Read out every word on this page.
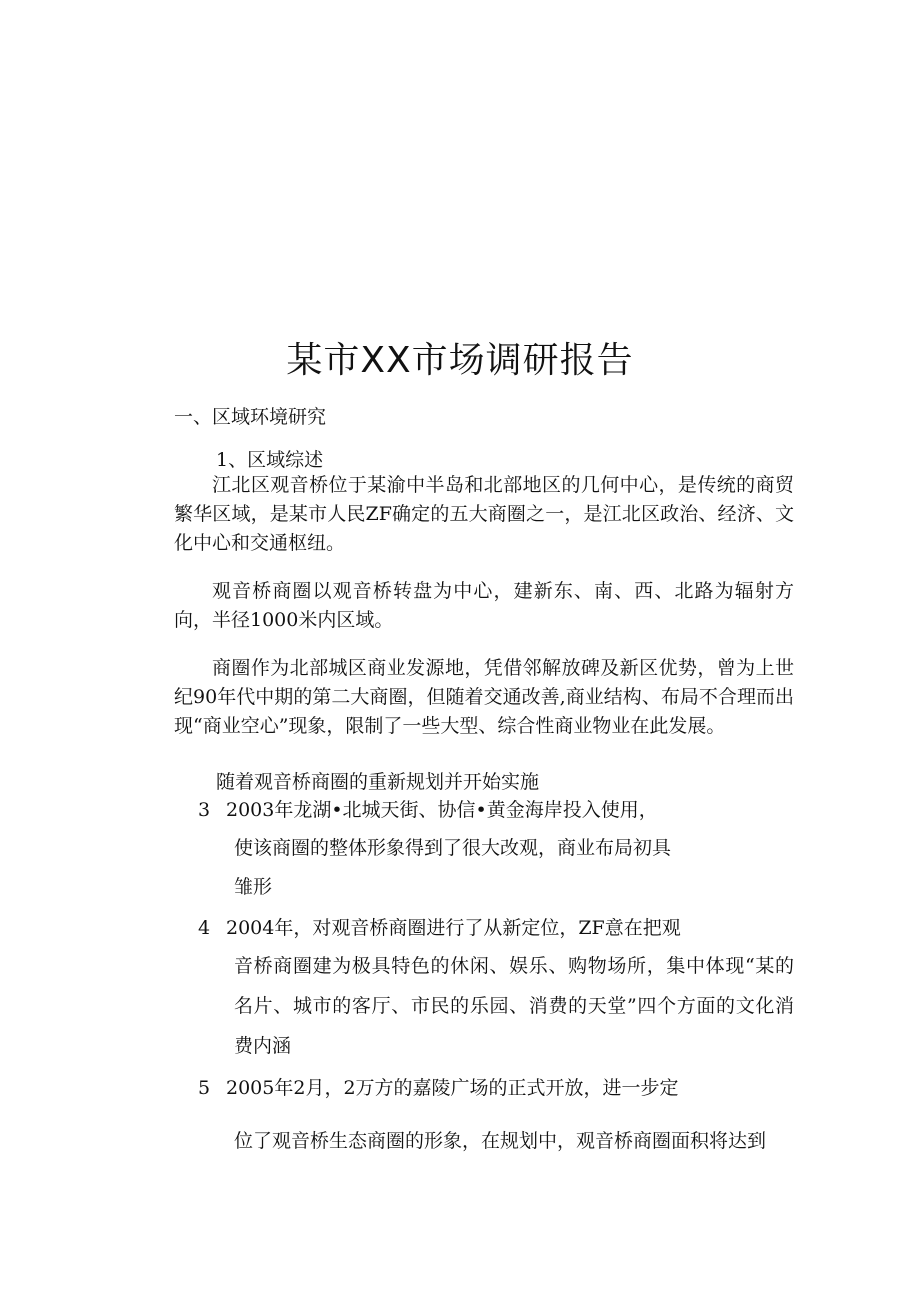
某市XX市场调研报告
一、区域环境研究
1、区域综述
江北区观音桥位于某渝中半岛和北部地区的几何中心，是传统的商贸繁华区域，是某市人民ZF确定的五大商圈之一，是江北区政治、经济、文化中心和交通枢纽。
观音桥商圈以观音桥转盘为中心，建新东、南、西、北路为辐射方向，半径1000米内区域。
商圈作为北部城区商业发源地，凭借邻解放碑及新区优势，曾为上世纪90年代中期的第二大商圈，但随着交通改善,商业结构、布局不合理而出现“商业空心”现象，限制了一些大型、综合性商业物业在此发展。
随着观音桥商圈的重新规划并开始实施
3 2003年龙湖•北城天街、协信•黄金海岸投入使用，
使该商圈的整体形象得到了很大改观，商业布局初具
雏形
4 2004年，对观音桥商圈进行了从新定位，ZF意在把观
音桥商圈建为极具特色的休闲、娱乐、购物场所，集中体现“某的名片、城市的客厅、市民的乐园、消费的天堂”四个方面的文化消费内涵
5 2005年2月，2万方的嘉陵广场的正式开放，进一步定
位了观音桥生态商圈的形象，在规划中，观音桥商圈面积将达到
